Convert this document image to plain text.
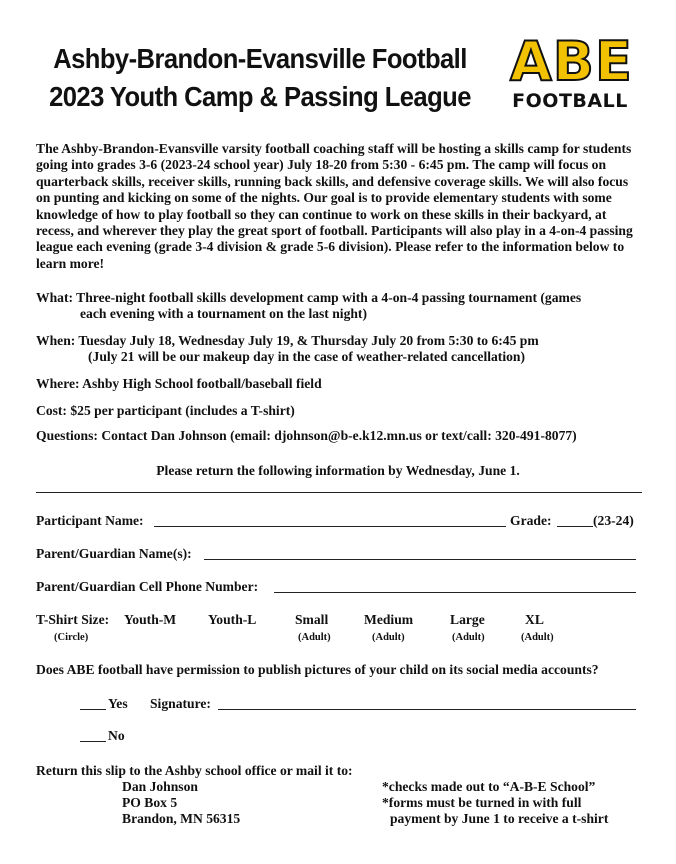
Ashby-Brandon-Evansville Football
2023 Youth Camp & Passing League
ABE
FOOTBALL
The Ashby-Brandon-Evansville varsity football coaching staff will be hosting a skills camp for students going into grades 3-6 (2023-24 school year) July 18-20 from 5:30 - 6:45 pm. The camp will focus on quarterback skills, receiver skills, running back skills, and defensive coverage skills. We will also focus on punting and kicking on some of the nights. Our goal is to provide elementary students with some knowledge of how to play football so they can continue to work on these skills in their backyard, at recess, and wherever they play the great sport of football. Participants will also play in a 4-on-4 passing league each evening (grade 3-4 division & grade 5-6 division). Please refer to the information below to learn more!
What: Three-night football skills development camp with a 4-on-4 passing tournament (games
each evening with a tournament on the last night)
When: Tuesday July 18, Wednesday July 19, & Thursday July 20 from 5:30 to 6:45 pm
(July 21 will be our makeup day in the case of weather-related cancellation)
Where: Ashby High School football/baseball field
Cost: $25 per participant (includes a T-shirt)
Questions: Contact Dan Johnson (email: djohnson@b-e.k12.mn.us or text/call: 320-491-8077)
Please return the following information by Wednesday, June 1.
Participant Name:	Grade:	(23-24)
Parent/Guardian Name(s):
Parent/Guardian Cell Phone Number:
T-Shirt Size:
(Circle)
Youth-M Youth-L	Small
(Adult)
Medium
(Adult)
Large
(Adult)
XL
(Adult)
Does ABE football have permission to publish pictures of your child on its social media accounts?
Yes Signature:
No
Return this slip to the Ashby school office or mail it to:
Dan Johnson
PO Box 5
Brandon, MN 56315
*checks made out to “A-B-E School”
*forms must be turned in with full
payment by June 1 to receive a t-shirt
